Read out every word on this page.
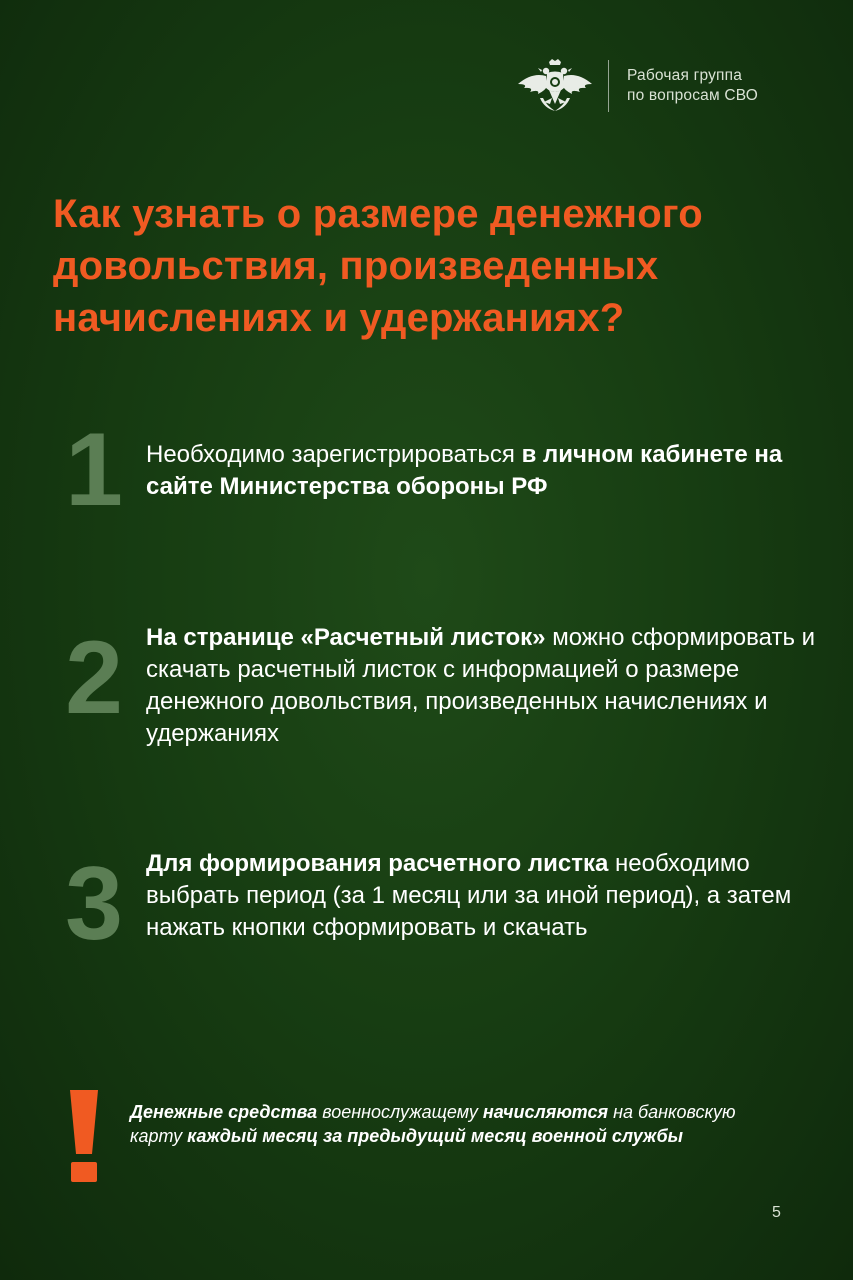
Рабочая группа
по вопросам СВО
Как узнать о размере денежного
довольствия, произведенных
начислениях и удержаниях?
1 Необходимо зарегистрироваться в личном кабинете на сайте Министерства обороны РФ
2 На странице «Расчетный листок» можно сформировать и скачать расчетный листок с информацией о размере денежного довольствия, произведенных начислениях и удержаниях
3 Для формирования расчетного листка необходимо выбрать период (за 1 месяц или за иной период), а затем нажать кнопки сформировать и скачать
Денежные средства военнослужащему начисляются на банковскую карту каждый месяц за предыдущий месяц военной службы
5
